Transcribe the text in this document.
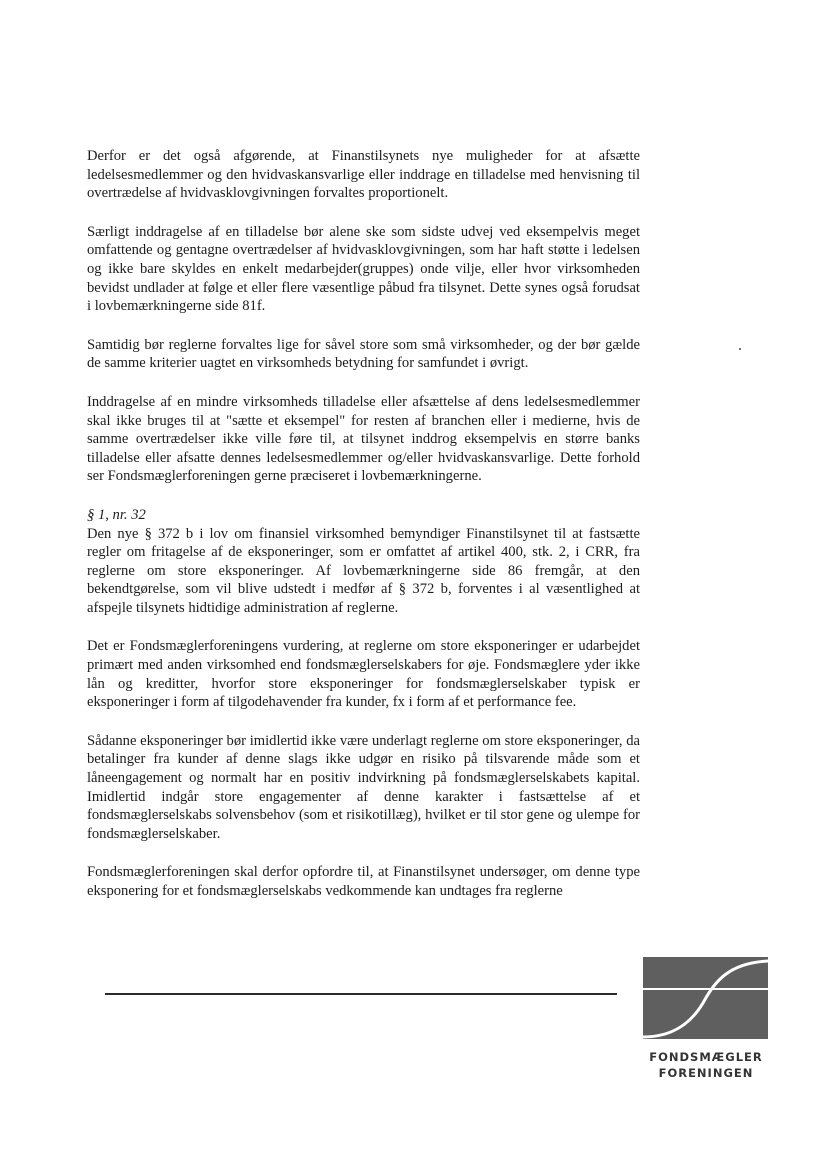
Derfor er det også afgørende, at Finanstilsynets nye muligheder for at afsætte ledelsesmedlemmer og den hvidvaskansvarlige eller inddrage en tilladelse med henvisning til overtrædelse af hvidvasklovgivningen forvaltes proportionelt.

Særligt inddragelse af en tilladelse bør alene ske som sidste udvej ved eksempelvis meget omfattende og gentagne overtrædelser af hvidvasklovgivningen, som har haft støtte i ledelsen og ikke bare skyldes en enkelt medarbejder(gruppes) onde vilje, eller hvor virksomheden bevidst undlader at følge et eller flere væsentlige påbud fra tilsynet. Dette synes også forudsat i lovbemærkningerne side 81f.

Samtidig bør reglerne forvaltes lige for såvel store som små virksomheder, og der bør gælde de samme kriterier uagtet en virksomheds betydning for samfundet i øvrigt.

Inddragelse af en mindre virksomheds tilladelse eller afsættelse af dens ledelsesmedlemmer skal ikke bruges til at "sætte et eksempel" for resten af branchen eller i medierne, hvis de samme overtrædelser ikke ville føre til, at tilsynet inddrog eksempelvis en større banks tilladelse eller afsatte dennes ledelsesmedlemmer og/eller hvidvaskansvarlige. Dette forhold ser Fondsmæglerforeningen gerne præciseret i lovbemærkningerne.

§ 1, nr. 32

Den nye § 372 b i lov om finansiel virksomhed bemyndiger Finanstilsynet til at fastsætte regler om fritagelse af de eksponeringer, som er omfattet af artikel 400, stk. 2, i CRR, fra reglerne om store eksponeringer. Af lovbemærkningerne side 86 fremgår, at den bekendtgørelse, som vil blive udstedt i medfør af § 372 b, forventes i al væsentlighed at afspejle tilsynets hidtidige administration af reglerne.

Det er Fondsmæglerforeningens vurdering, at reglerne om store eksponeringer er udarbejdet primært med anden virksomhed end fondsmæglerselskabers for øje. Fondsmæglere yder ikke lån og kreditter, hvorfor store eksponeringer for fondsmæglerselskaber typisk er eksponeringer i form af tilgodehavender fra kunder, fx i form af et performance fee.

Sådanne eksponeringer bør imidlertid ikke være underlagt reglerne om store eksponeringer, da betalinger fra kunder af denne slags ikke udgør en risiko på tilsvarende måde som et låneengagement og normalt har en positiv indvirkning på fondsmæglerselskabets kapital. Imidlertid indgår store engagementer af denne karakter i fastsættelse af et fondsmæglerselskabs solvensbehov (som et risikotillæg), hvilket er til stor gene og ulempe for fondsmæglerselskaber.

Fondsmæglerforeningen skal derfor opfordre til, at Finanstilsynet undersøger, om denne type eksponering for et fondsmæglerselskabs vedkommende kan undtages fra reglerne

FONDSMÆGLER
FORENINGEN
